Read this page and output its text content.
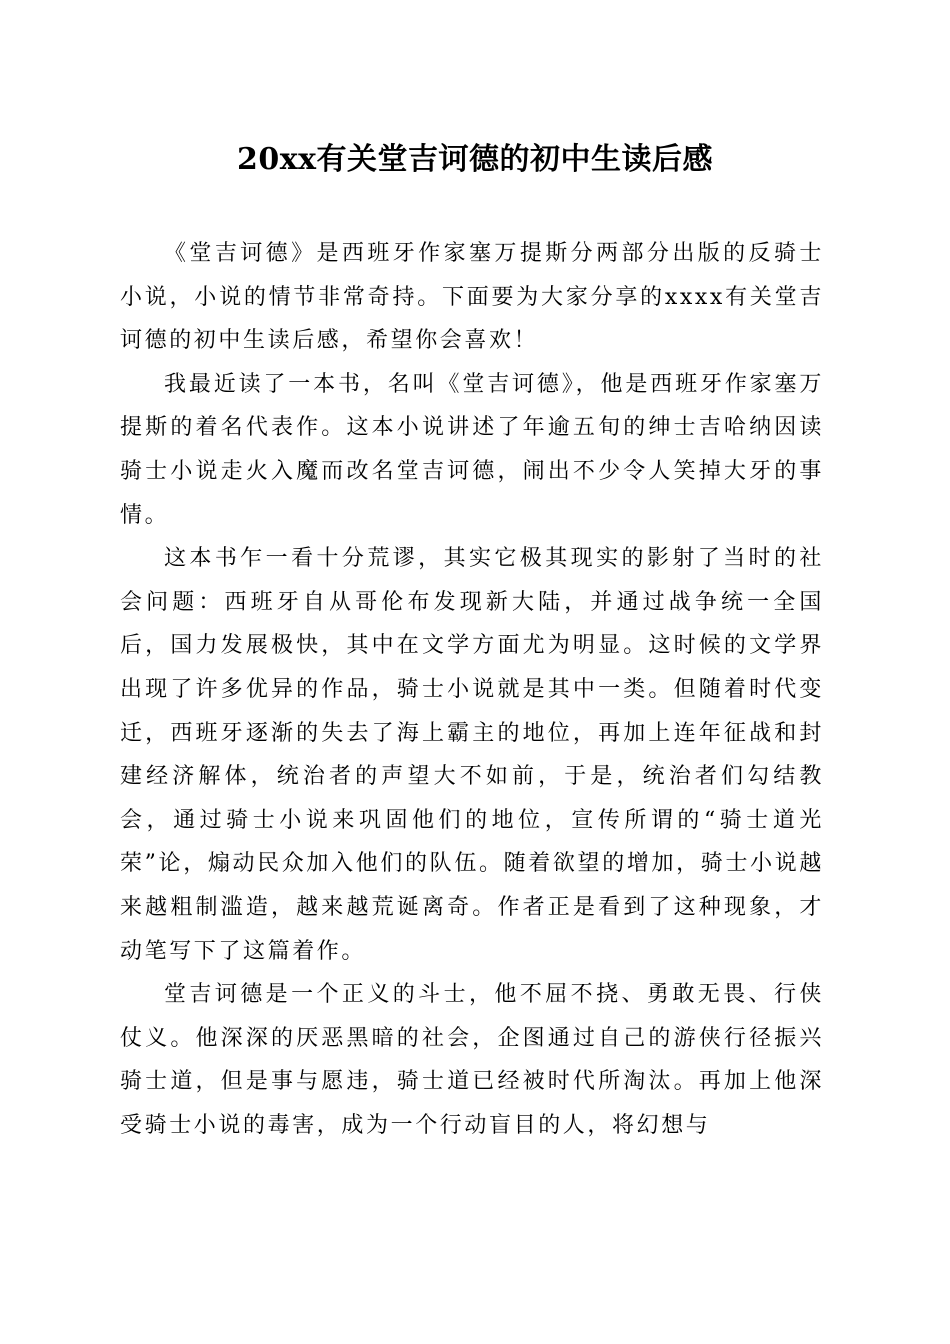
20xx有关堂吉诃德的初中生读后感

《堂吉诃德》是西班牙作家塞万提斯分两部分出版的反骑士小说，小说的情节非常奇持。下面要为大家分享的xxxx有关堂吉诃德的初中生读后感，希望你会喜欢！

我最近读了一本书，名叫《堂吉诃德》，他是西班牙作家塞万提斯的着名代表作。这本小说讲述了年逾五旬的绅士吉哈纳因读骑士小说走火入魔而改名堂吉诃德，闹出不少令人笑掉大牙的事情。

这本书乍一看十分荒谬，其实它极其现实的影射了当时的社会问题：西班牙自从哥伦布发现新大陆，并通过战争统一全国后，国力发展极快，其中在文学方面尤为明显。这时候的文学界出现了许多优异的作品，骑士小说就是其中一类。但随着时代变迁，西班牙逐渐的失去了海上霸主的地位，再加上连年征战和封建经济解体，统治者的声望大不如前，于是，统治者们勾结教会，通过骑士小说来巩固他们的地位，宣传所谓的“骑士道光荣”论，煽动民众加入他们的队伍。随着欲望的增加，骑士小说越来越粗制滥造，越来越荒诞离奇。作者正是看到了这种现象，才动笔写下了这篇着作。

堂吉诃德是一个正义的斗士，他不屈不挠、勇敢无畏、行侠仗义。他深深的厌恶黑暗的社会，企图通过自己的游侠行径振兴骑士道，但是事与愿违，骑士道已经被时代所淘汰。再加上他深受骑士小说的毒害，成为一个行动盲目的人，将幻想与
